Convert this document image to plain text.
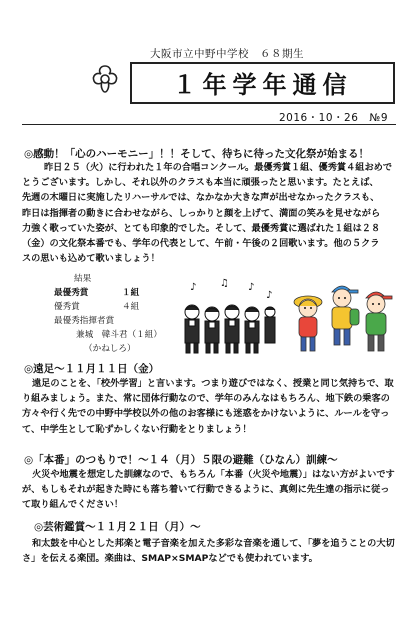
大阪市立中野中学校　６８期生
１年学年通信
2016・10・26　№9
◎感動！「心のハーモニー」！！そして、待ちに待った文化祭が始まる！
昨日２５（火）に行われた１年の合唱コンクール。最優秀賞１組、優秀賞４組おめで
とうございます。しかし、それ以外のクラスも本当に頑張ったと思います。たとえば、
先週の木曜日に実施したリハーサルでは、なかなか大きな声が出せなかったクラスも、
昨日は指揮者の動きに合わせながら、しっかりと顔を上げて、満面の笑みを見せながら
力強く歌っていた姿が、とても印象的でした。そして、最優秀賞に選ばれた１組は２８
（金）の文化祭本番でも、学年の代表として、午前・午後の２回歌います。他の５クラ
スの思いも込めて歌いましょう！
結果
最優秀賞	１組
優秀賞	４組
最優秀指揮者賞
兼城　韓斗君（１組）
（かねしろ）
♪ ♫ ♪
♪
◎遠足～１１月１１日（金）
遠足のことを、「校外学習」と言います。つまり遊びではなく、授業と同じ気持ちで、取
り組みましょう。また、常に団体行動なので、学年のみんなはもちろん、地下鉄の乗客の
方々や行く先での中野中学校以外の他のお客様にも迷惑をかけないように、ルールを守っ
て、中学生として恥ずかしくない行動をとりましょう！
◎「本番」のつもりで！～１４（月）５限の避難（ひなん）訓練～
火災や地震を想定した訓練なので、もちろん「本番（火災や地震）」はない方がよいです
が、もしもそれが起きた時にも落ち着いて行動できるように、真剣に先生達の指示に従っ
て取り組んでください！
◎芸術鑑賞～１１月２１日（月）～
和太鼓を中心とした邦楽と電子音楽を加えた多彩な音楽を通して、「夢を追うことの大切
さ」を伝える楽団。楽曲は、SMAP×SMAPなどでも使われています。
